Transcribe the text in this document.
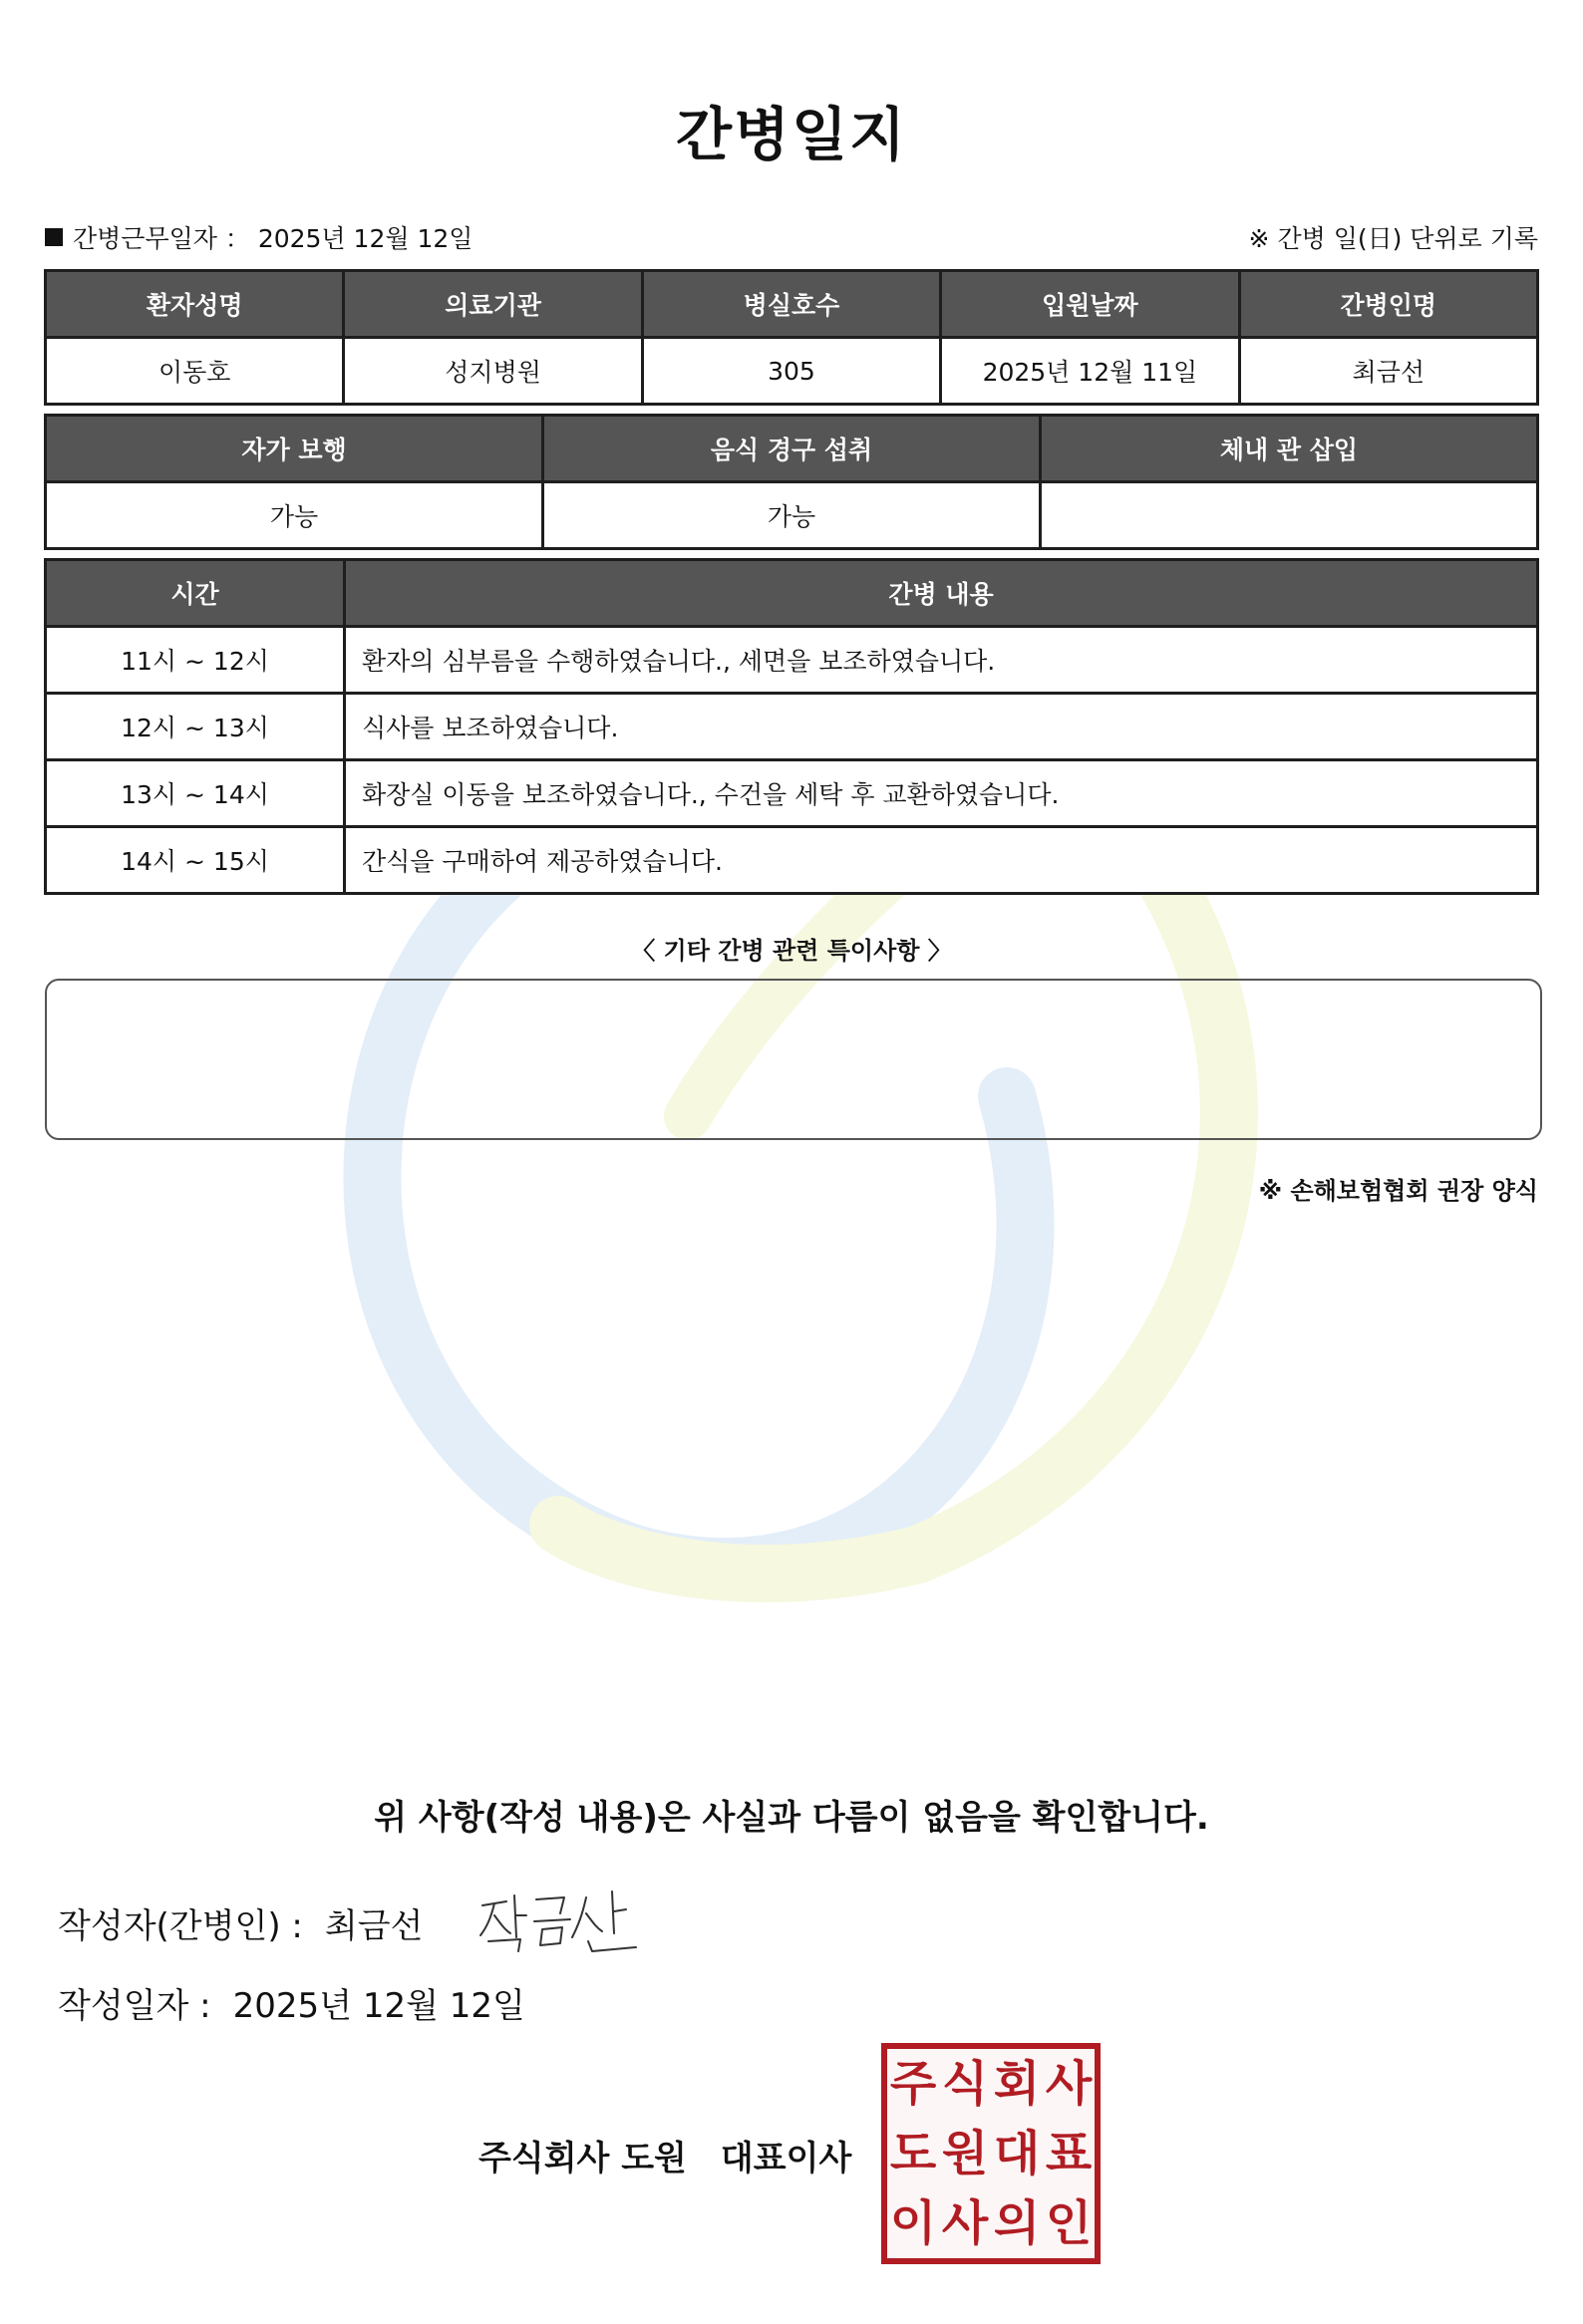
간병일지
간병근무일자 ： 2025년 12월 12일	※ 간병 일(日) 단위로 기록
환자성명	의료기관	병실호수	입원날짜	간병인명
이동호	성지병원	305	2025년 12월 11일	최금선
자가 보행	음식 경구 섭취	체내 관 삽입
가능	가능	
시간	간병 내용
11시 ~ 12시	환자의 심부름을 수행하였습니다., 세면을 보조하였습니다.
12시 ~ 13시	식사를 보조하였습니다.
13시 ~ 14시	화장실 이동을 보조하였습니다., 수건을 세탁 후 교환하였습니다.
14시 ~ 15시	간식을 구매하여 제공하였습니다.
〈 기타 간병 관련 특이사항 〉
※ 손해보험협회 권장 양식
위 사항(작성 내용)은 사실과 다름이 없음을 확인합니다.
작성자(간병인) : 최금선
작성일자 : 2025년 12월 12일
주식회사 도원 대표이사
주 식 회 사
도 원 대 표
이 사 의 인
